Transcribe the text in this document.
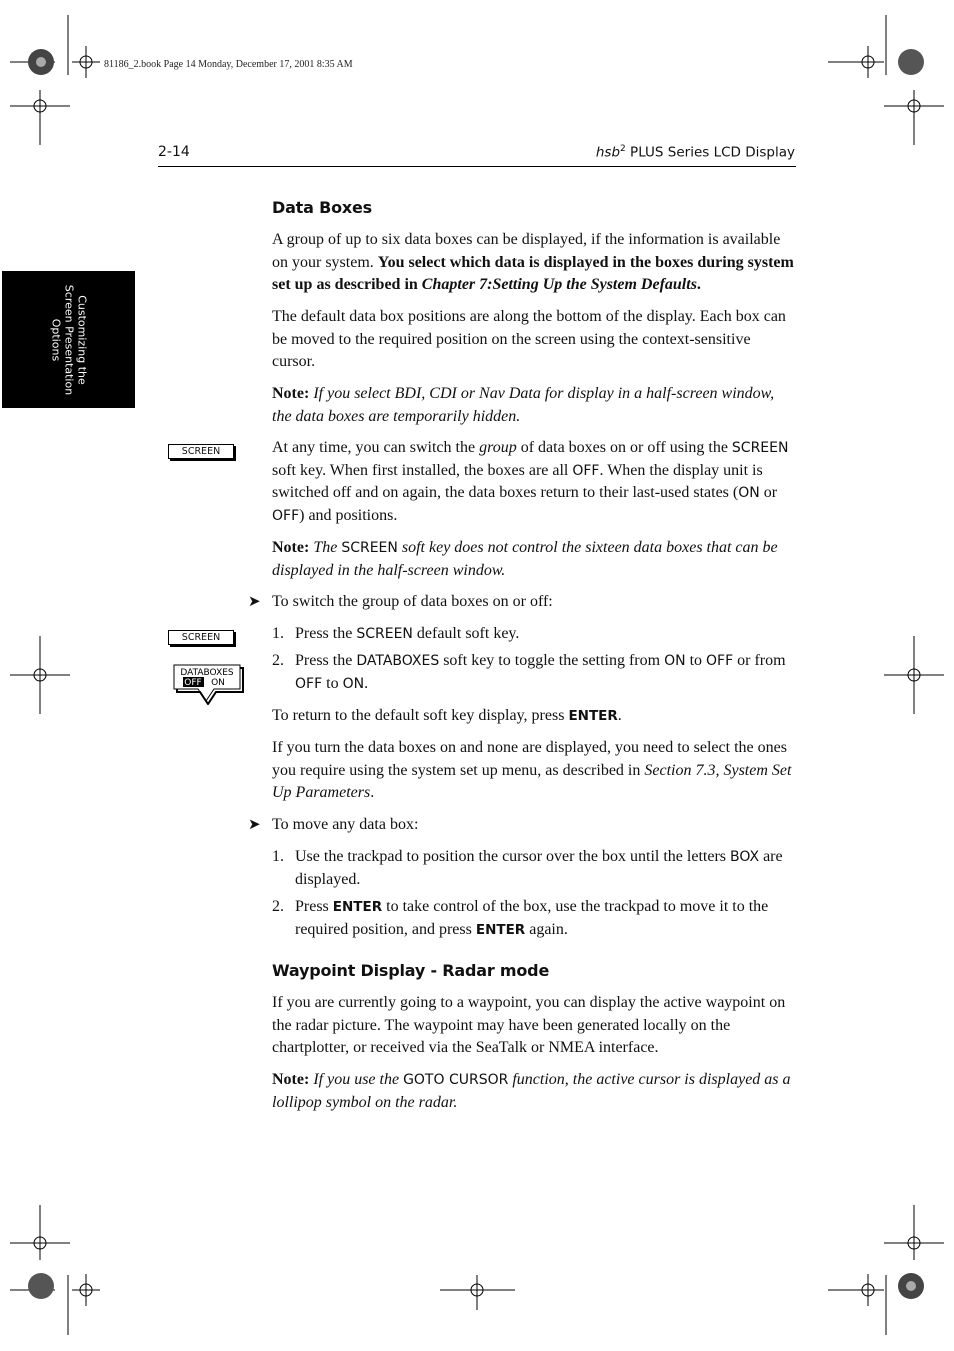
81186_2.book Page 14 Monday, December 17, 2001 8:35 AM
2-14	hsb$^2$ PLUS Series LCD Display
Customizing the
Screen Presentation
Options
Data Boxes
A group of up to six data boxes can be displayed, if the information is available on your system. You select which data is displayed in the boxes during system set up as described in Chapter 7:Setting Up the System Defaults.
The default data box positions are along the bottom of the display. Each box can be moved to the required position on the screen using the context-sensitive cursor.
Note: If you select BDI, CDI or Nav Data for display in a half-screen window, the data boxes are temporarily hidden.
SCREEN	At any time, you can switch the group of data boxes on or off using the SCREEN soft key. When first installed, the boxes are all OFF. When the display unit is switched off and on again, the data boxes return to their last-used states (ON or OFF) and positions.
Note: The SCREEN soft key does not control the sixteen data boxes that can be displayed in the half-screen window.
➤ To switch the group of data boxes on or off:
SCREEN	1. Press the SCREEN default soft key.
DATABOXES
OFF ON
2. Press the DATABOXES soft key to toggle the setting from ON to OFF or from OFF to ON.
To return to the default soft key display, press ENTER.
If you turn the data boxes on and none are displayed, you need to select the ones you require using the system set up menu, as described in Section 7.3, System Set Up Parameters.
➤ To move any data box:
1. Use the trackpad to position the cursor over the box until the letters BOX are displayed.
2. Press ENTER to take control of the box, use the trackpad to move it to the required position, and press ENTER again.
Waypoint Display - Radar mode
If you are currently going to a waypoint, you can display the active waypoint on the radar picture. The waypoint may have been generated locally on the chartplotter, or received via the SeaTalk or NMEA interface.
Note: If you use the GOTO CURSOR function, the active cursor is displayed as a lollipop symbol on the radar.
